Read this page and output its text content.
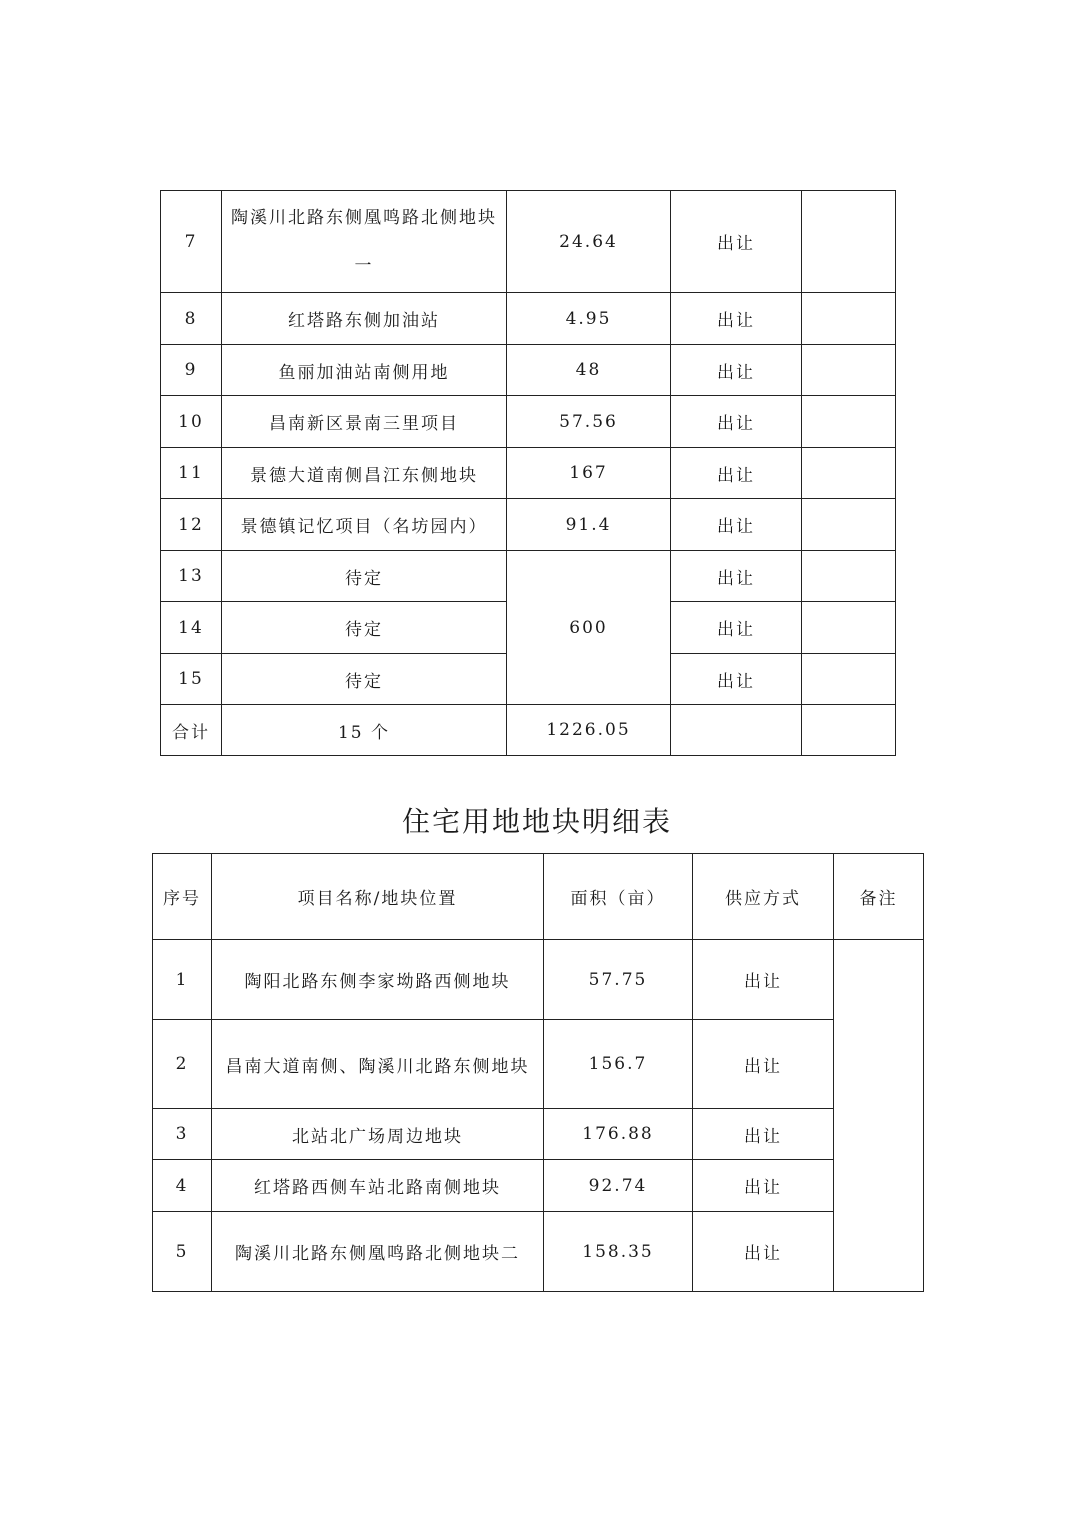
7	陶溪川北路东侧凰鸣路北侧地块一	24.64	出让	
8	红塔路东侧加油站	4.95	出让	
9	鱼丽加油站南侧用地	48	出让	
10	昌南新区景南三里项目	57.56	出让	
11	景德大道南侧昌江东侧地块	167	出让	
12	景德镇记忆项目（名坊园内）	91.4	出让	
13	待定	600	出让	
14	待定		出让	
15	待定		出让	
合计	15 个	1226.05		
住宅用地地块明细表
序号	项目名称/地块位置	面积（亩）	供应方式	备注
1	陶阳北路东侧李家坳路西侧地块	57.75	出让	
2	昌南大道南侧、陶溪川北路东侧地块	156.7	出让	
3	北站北广场周边地块	176.88	出让	
4	红塔路西侧车站北路南侧地块	92.74	出让	
5	陶溪川北路东侧凰鸣路北侧地块二	158.35	出让	
